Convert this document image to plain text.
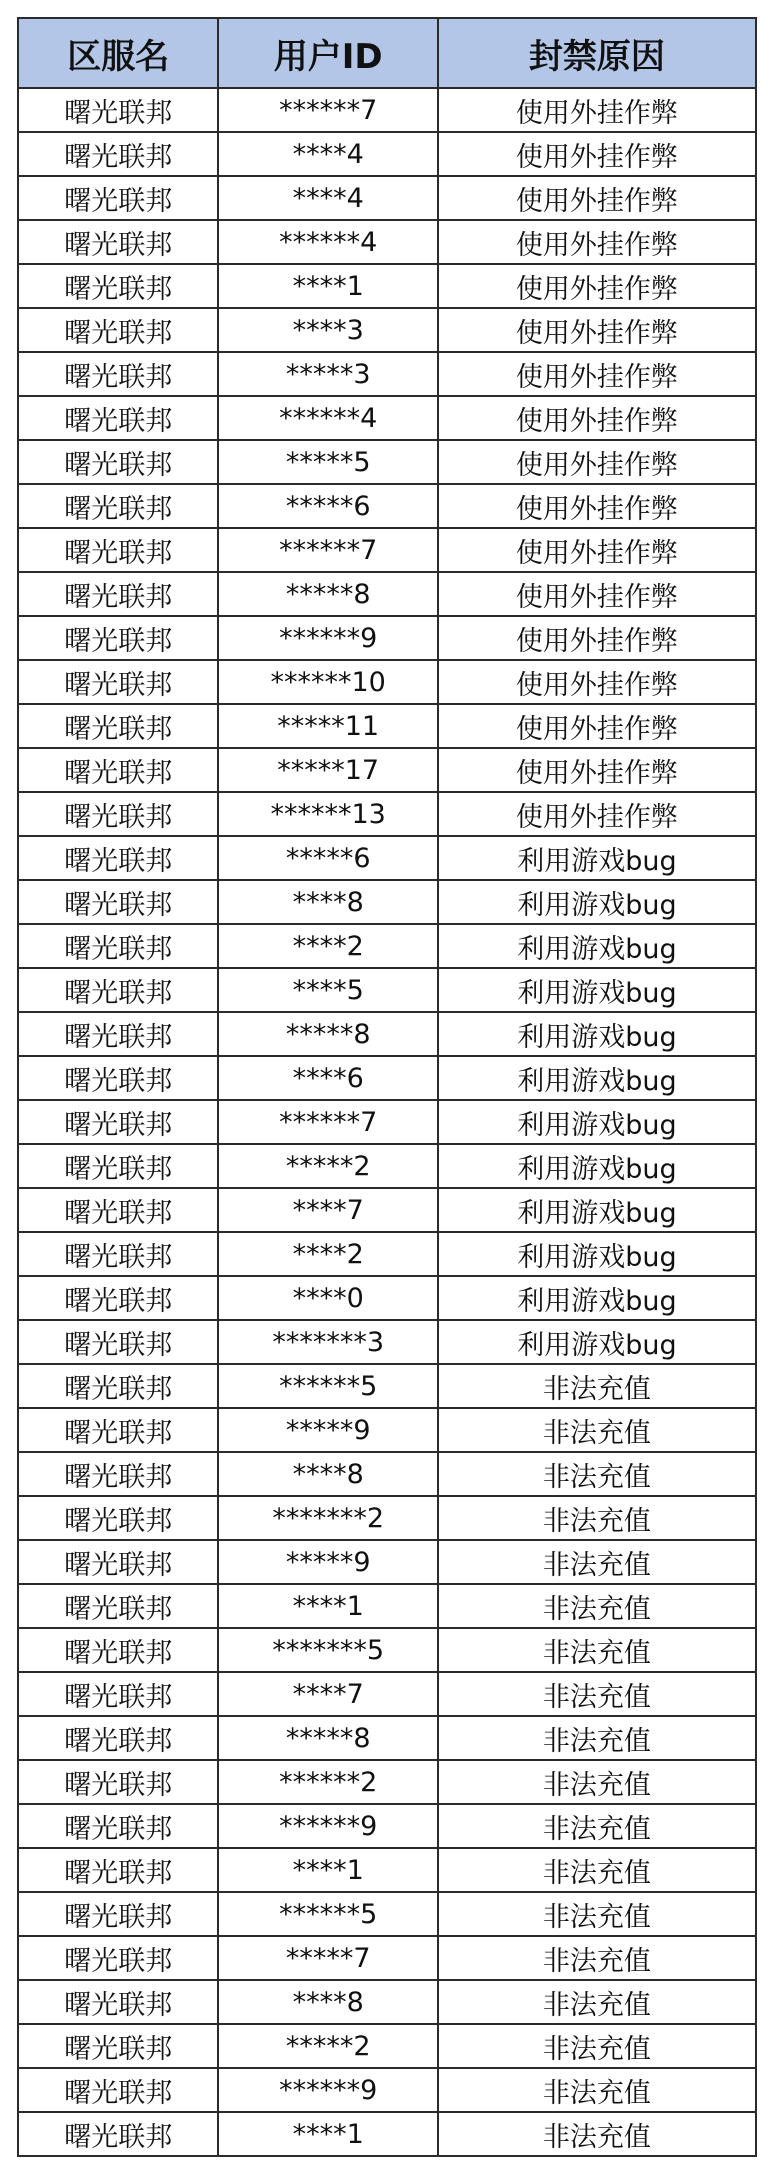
区服名	用户ID	封禁原因
曙光联邦	******7	使用外挂作弊
曙光联邦	****4	使用外挂作弊
曙光联邦	****4	使用外挂作弊
曙光联邦	******4	使用外挂作弊
曙光联邦	****1	使用外挂作弊
曙光联邦	****3	使用外挂作弊
曙光联邦	*****3	使用外挂作弊
曙光联邦	******4	使用外挂作弊
曙光联邦	*****5	使用外挂作弊
曙光联邦	*****6	使用外挂作弊
曙光联邦	******7	使用外挂作弊
曙光联邦	*****8	使用外挂作弊
曙光联邦	******9	使用外挂作弊
曙光联邦	******10	使用外挂作弊
曙光联邦	*****11	使用外挂作弊
曙光联邦	*****17	使用外挂作弊
曙光联邦	******13	使用外挂作弊
曙光联邦	*****6	利用游戏bug
曙光联邦	****8	利用游戏bug
曙光联邦	****2	利用游戏bug
曙光联邦	****5	利用游戏bug
曙光联邦	*****8	利用游戏bug
曙光联邦	****6	利用游戏bug
曙光联邦	******7	利用游戏bug
曙光联邦	*****2	利用游戏bug
曙光联邦	****7	利用游戏bug
曙光联邦	****2	利用游戏bug
曙光联邦	****0	利用游戏bug
曙光联邦	*******3	利用游戏bug
曙光联邦	******5	非法充值
曙光联邦	*****9	非法充值
曙光联邦	****8	非法充值
曙光联邦	*******2	非法充值
曙光联邦	*****9	非法充值
曙光联邦	****1	非法充值
曙光联邦	*******5	非法充值
曙光联邦	****7	非法充值
曙光联邦	*****8	非法充值
曙光联邦	******2	非法充值
曙光联邦	******9	非法充值
曙光联邦	****1	非法充值
曙光联邦	******5	非法充值
曙光联邦	*****7	非法充值
曙光联邦	****8	非法充值
曙光联邦	*****2	非法充值
曙光联邦	******9	非法充值
曙光联邦	****1	非法充值
